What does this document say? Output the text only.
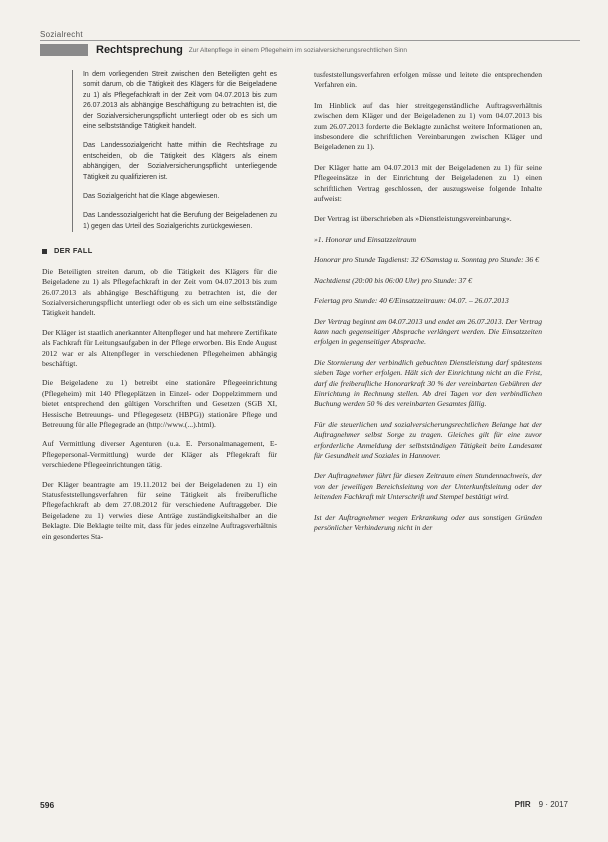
Sozialrecht
Rechtsprechung Zur Altenpflege in einem Pflegeheim im sozialversicherungsrechtlichen Sinn

In dem vorliegenden Streit zwischen den Beteiligten geht es somit darum, ob die Tätigkeit des Klägers für die Beigeladene zu 1) als Pflegefachkraft in der Zeit vom 04.07.2013 bis zum 26.07.2013 als abhängige Beschäftigung zu betrachten ist, die der Sozialversicherungspflicht unterliegt oder ob es sich um eine selbstständige Tätigkeit handelt.

Das Landessozialgericht hatte mithin die Rechtsfrage zu entscheiden, ob die Tätigkeit des Klägers als einem abhängigen, der Sozialversicherungspflicht unterliegende Tätigkeit zu qualifizieren ist.

Das Sozialgericht hat die Klage abgewiesen.

Das Landessozialgericht hat die Berufung der Beigeladenen zu 1) gegen das Urteil des Sozialgerichts zurückgewiesen.

DER FALL

Die Beteiligten streiten darum, ob die Tätigkeit des Klägers für die Beigeladene zu 1) als Pflegefachkraft in der Zeit vom 04.07.2013 bis zum 26.07.2013 als abhängige Beschäftigung zu betrachten ist, die der Sozialversicherungspflicht unterliegt oder ob es sich um eine selbstständige Tätigkeit handelt.

Der Kläger ist staatlich anerkannter Altenpfleger und hat mehrere Zertifikate als Fachkraft für Leitungsaufgaben in der Pflege erworben. Bis Ende August 2012 war er als Altenpfleger in verschiedenen Pflegeheimen abhängig beschäftigt.

Die Beigeladene zu 1) betreibt eine stationäre Pflegeeinrichtung (Pflegeheim) mit 140 Pflegeplätzen in Einzel- oder Doppelzimmern und bietet entsprechend den gültigen Vorschriften und Gesetzen (SGB XI, Hessische Betreuungs- und Pflegegesetz (HBPG)) stationäre Pflege und Betreuung für alle Pflegegrade an (http://www.(...).html).

Auf Vermittlung diverser Agenturen (u.a. E. Personalmanagement, E-Pflegepersonal-Vermittlung) wurde der Kläger als Pflegekraft für verschiedene Pflegeeinrichtungen tätig.

Der Kläger beantragte am 19.11.2012 bei der Beigeladenen zu 1) ein Statusfeststellungsverfahren für seine Tätigkeit als freiberufliche Pflegefachkraft ab dem 27.08.2012 für verschiedene Auftraggeber. Die Beigeladene zu 1) verwies diese Anträge zuständigkeitshalber an die Beklagte. Die Beklagte teilte mit, dass für jedes einzelne Auftragsverhältnis ein gesondertes Sta-

tusfeststellungsverfahren erfolgen müsse und leitete die entsprechenden Verfahren ein.

Im Hinblick auf das hier streitgegenständliche Auftragsverhältnis zwischen dem Kläger und der Beigeladenen zu 1) vom 04.07.2013 bis zum 26.07.2013 forderte die Beklagte zunächst weitere Informationen an, insbesondere die schriftlichen Vereinbarungen zwischen Kläger und Beigeladenen zu 1).

Der Kläger hatte am 04.07.2013 mit der Beigeladenen zu 1) für seine Pflegeeinsätze in der Einrichtung der Beigeladenen zu 1) einen schriftlichen Vertrag geschlossen, der auszugsweise folgende Inhalte aufweist:

Der Vertrag ist überschrieben als »Dienstleistungsvereinbarung«.

»1. Honorar und Einsatzzeitraum

Honorar pro Stunde Tagdienst: 32 €/Samstag u. Sonntag pro Stunde: 36 €

Nachtdienst (20:00 bis 06:00 Uhr) pro Stunde: 37 €

Feiertag pro Stunde: 40 €/Einsatzzeitraum: 04.07. – 26.07.2013

Der Vertrag beginnt am 04.07.2013 und endet am 26.07.2013. Der Vertrag kann nach gegenseitiger Absprache verlängert werden. Die Einsatzzeiten erfolgen in gegenseitiger Absprache.

Die Stornierung der verbindlich gebuchten Dienstleistung darf spätestens sieben Tage vorher erfolgen. Hält sich der Einrichtung nicht an die Frist, darf die freiberufliche Honorarkraft 30 % der vereinbarten Gebühren der Einrichtung in Rechnung stellen. Ab drei Tagen vor den verbindlichen Buchung werden 50 % des vereinbarten Gesamtes fällig.

Für die steuerlichen und sozialversicherungsrechtlichen Belange hat der Auftragnehmer selbst Sorge zu tragen. Gleiches gilt für eine zuvor erforderliche Anmeldung der selbstständigen Tätigkeit beim Landesamt für Gesundheit und Soziales in Hannover.

Der Auftragnehmer führt für diesen Zeitraum einen Stundennachweis, der von der jeweiligen Bereichsleitung von der Unterkunftsleitung oder der leitenden Fachkraft mit Unterschrift und Stempel bestätigt wird.

Ist der Auftragnehmer wegen Erkrankung oder aus sonstigen Gründen persönlicher Verhinderung nicht in der

596	PflR 9 · 2017
